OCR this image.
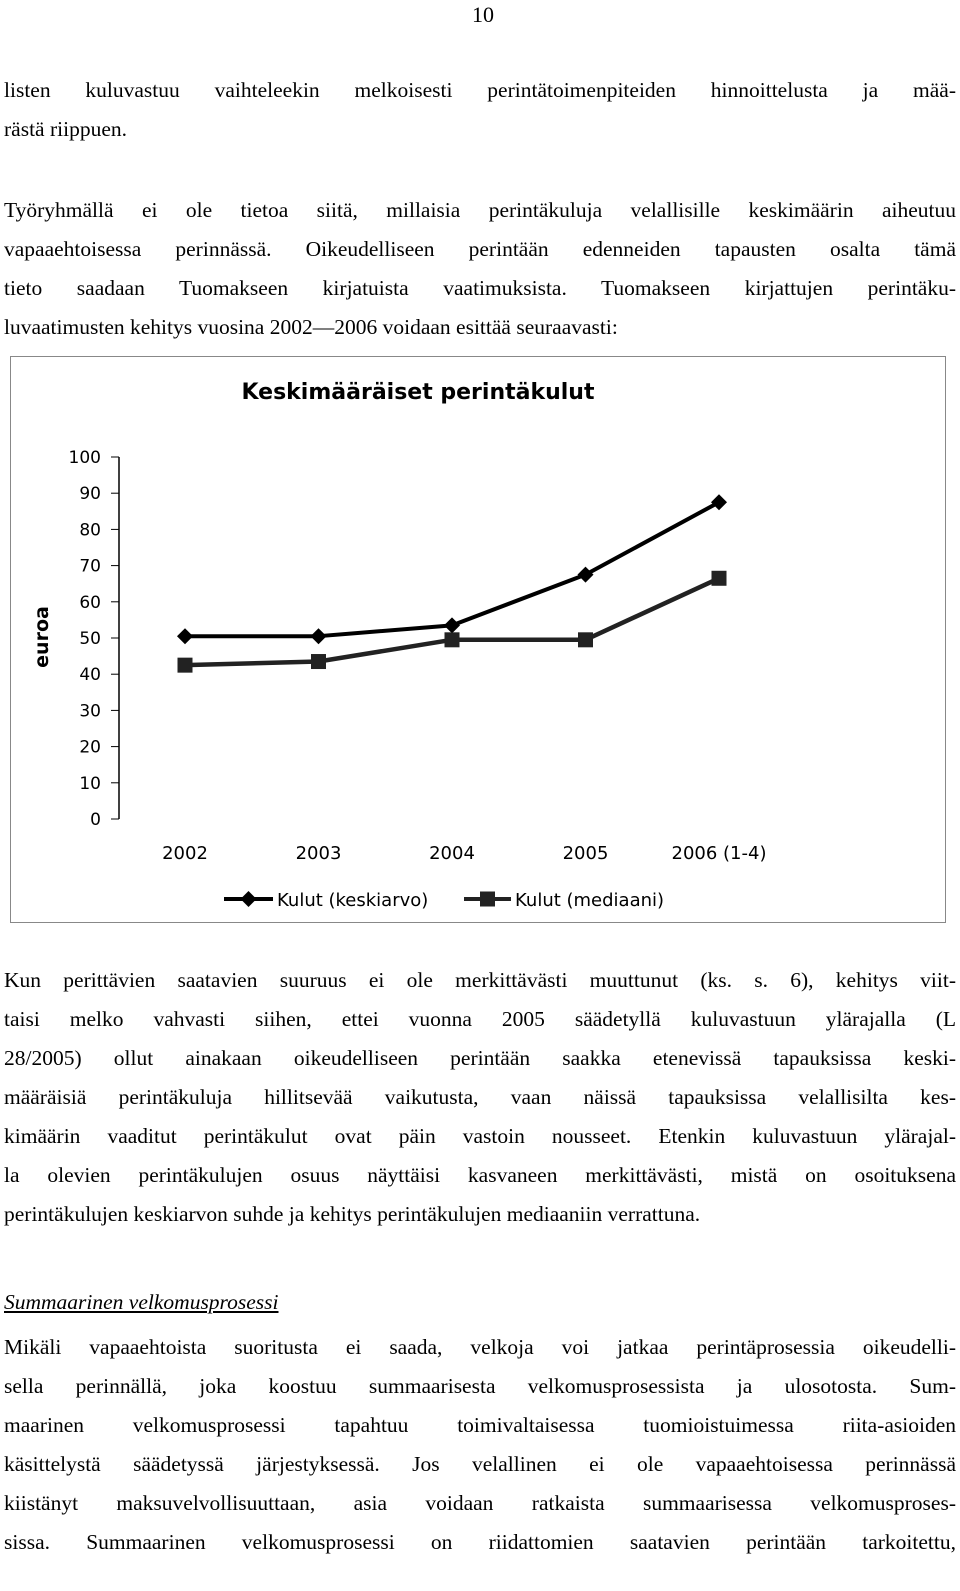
10
listen kuluvastuu vaihteleekin melkoisesti perintätoimenpiteiden hinnoittelusta ja mää-
rästä riippuen.
Työryhmällä ei ole tietoa siitä, millaisia perintäkuluja velallisille keskimäärin aiheutuu
vapaaehtoisessa perinnässä. Oikeudelliseen perintään edenneiden tapausten osalta tämä
tieto saadaan Tuomakseen kirjatuista vaatimuksista. Tuomakseen kirjattujen perintäku-
luvaatimusten kehitys vuosina 2002—2006 voidaan esittää seuraavasti:
Keskimääräiset perintäkulut
euroa
0
10
20
30
40
50
60
70
80
90
100
2002	2003	2004	2005	2006 (1-4)
Kulut (keskiarvo)	Kulut (mediaani)
Kun perittävien saatavien suuruus ei ole merkittävästi muuttunut (ks. s. 6), kehitys viit-
taisi melko vahvasti siihen, ettei vuonna 2005 säädetyllä kuluvastuun ylärajalla (L
28/2005) ollut ainakaan oikeudelliseen perintään saakka etenevissä tapauksissa keski-
määräisiä perintäkuluja hillitsevää vaikutusta, vaan näissä tapauksissa velallisilta kes-
kimäärin vaaditut perintäkulut ovat päin vastoin nousseet. Etenkin kuluvastuun ylärajal-
la olevien perintäkulujen osuus näyttäisi kasvaneen merkittävästi, mistä on osoituksena
perintäkulujen keskiarvon suhde ja kehitys perintäkulujen mediaaniin verrattuna.
Summaarinen velkomusprosessi
Mikäli vapaaehtoista suoritusta ei saada, velkoja voi jatkaa perintäprosessia oikeudelli-
sella perinnällä, joka koostuu summaarisesta velkomusprosessista ja ulosotosta. Sum-
maarinen velkomusprosessi tapahtuu toimivaltaisessa tuomioistuimessa riita-asioiden
käsittelystä säädetyssä järjestyksessä. Jos velallinen ei ole vapaaehtoisessa perinnässä
kiistänyt maksuvelvollisuuttaan, asia voidaan ratkaista summaarisessa velkomusproses-
sissa. Summaarinen velkomusprosessi on riidattomien saatavien perintään tarkoitettu,
